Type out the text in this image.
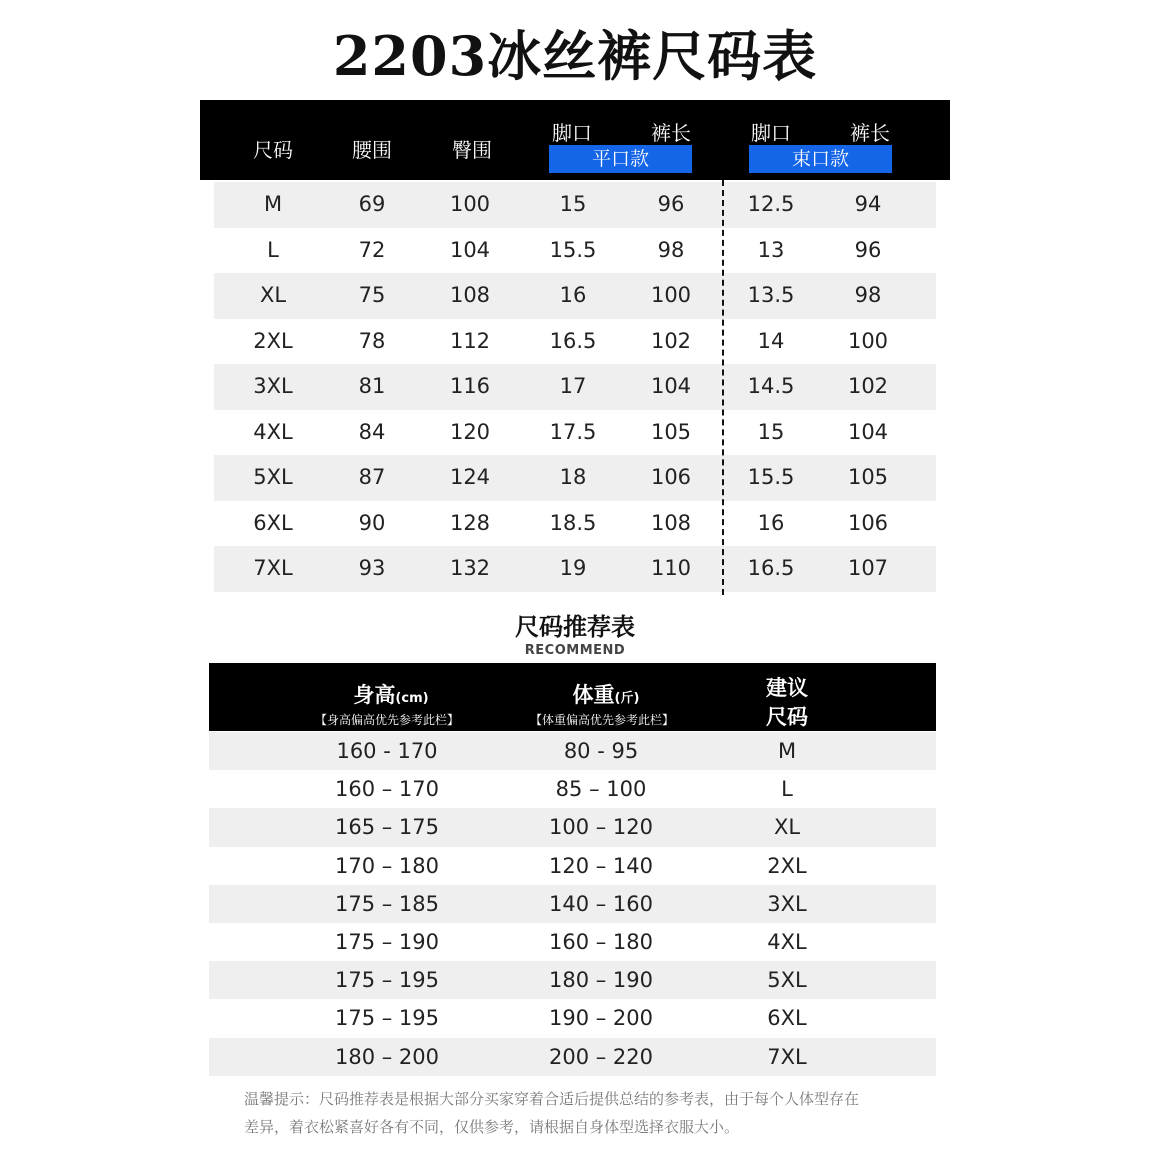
2203冰丝裤尺码表
尺码	腰围	臀围
脚口	裤长	脚口	裤长
平口款	束口款
M	69	100	15	96	12.5	94
L	72	104	15.5	98	13	96
XL	75	108	16	100	13.5	98
2XL	78	112	16.5	102	14	100
3XL	81	116	17	104	14.5	102
4XL	84	120	17.5	105	15	104
5XL	87	124	18	106	15.5	105
6XL	90	128	18.5	108	16	106
7XL	93	132	19	110	16.5	107
尺码推荐表
RECOMMEND
身高(cm)
【身高偏高优先参考此栏】
体重(斤)
【体重偏高优先参考此栏】
建议
尺码
160 - 170	80 - 95	M
160 – 170	85 – 100	L
165 – 175	100 – 120	XL
170 – 180	120 – 140	2XL
175 – 185	140 – 160	3XL
175 – 190	160 – 180	4XL
175 – 195	180 – 190	5XL
175 – 195	190 – 200	6XL
180 – 200	200 – 220	7XL
温馨提示：尺码推荐表是根据大部分买家穿着合适后提供总结的参考表，由于每个人体型存在
差异，着衣松紧喜好各有不同，仅供参考，请根据自身体型选择衣服大小。
